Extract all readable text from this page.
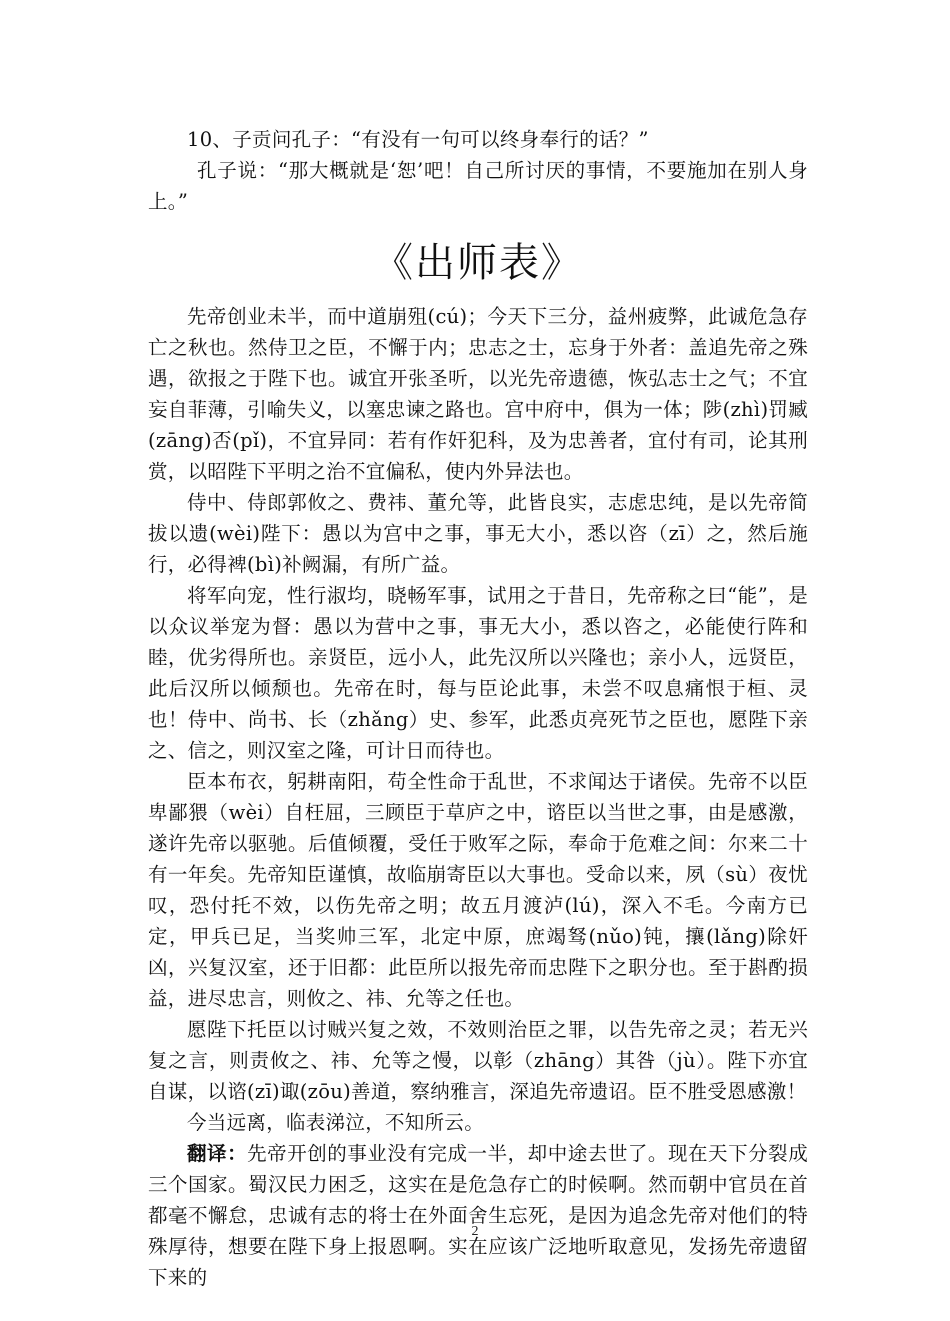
10、子贡问孔子：“有没有一句可以终身奉行的话？”

孔子说：“那大概就是‘恕’吧！自己所讨厌的事情，不要施加在别人身上。”

《出师表》

先帝创业未半，而中道崩殂(cú)；今天下三分，益州疲弊，此诚危急存亡之秋也。然侍卫之臣，不懈于内；忠志之士，忘身于外者：盖追先帝之殊遇，欲报之于陛下也。诚宜开张圣听，以光先帝遗德，恢弘志士之气；不宜妄自菲薄，引喻失义，以塞忠谏之路也。宫中府中，俱为一体；陟(zhì)罚臧(zāng)否(pǐ)，不宜异同：若有作奸犯科，及为忠善者，宜付有司，论其刑赏，以昭陛下平明之治不宜偏私，使内外异法也。

侍中、侍郎郭攸之、费祎、董允等，此皆良实，志虑忠纯，是以先帝简拔以遗(wèi)陛下：愚以为宫中之事，事无大小，悉以咨（zī）之，然后施行，必得裨(bì)补阙漏，有所广益。

将军向宠，性行淑均，晓畅军事，试用之于昔日，先帝称之曰“能”，是以众议举宠为督：愚以为营中之事，事无大小，悉以咨之，必能使行阵和睦，优劣得所也。亲贤臣，远小人，此先汉所以兴隆也；亲小人，远贤臣，此后汉所以倾颓也。先帝在时，每与臣论此事，未尝不叹息痛恨于桓、灵也！侍中、尚书、长（zhǎng）史、参军，此悉贞亮死节之臣也，愿陛下亲之、信之，则汉室之隆，可计日而待也。

臣本布衣，躬耕南阳，苟全性命于乱世，不求闻达于诸侯。先帝不以臣卑鄙猥（wèi）自枉屈，三顾臣于草庐之中，谘臣以当世之事，由是感激，遂许先帝以驱驰。后值倾覆，受任于败军之际，奉命于危难之间：尔来二十有一年矣。先帝知臣谨慎，故临崩寄臣以大事也。受命以来，夙（sù）夜忧叹，恐付托不效，以伤先帝之明；故五月渡泸(lú)，深入不毛。今南方已定，甲兵已足，当奖帅三军，北定中原，庶竭驽(nǔo)钝，攘(lǎng)除奸凶，兴复汉室，还于旧都：此臣所以报先帝而忠陛下之职分也。至于斟酌损益，进尽忠言，则攸之、祎、允等之任也。

愿陛下托臣以讨贼兴复之效，不效则治臣之罪，以告先帝之灵；若无兴复之言，则责攸之、祎、允等之慢，以彰（zhāng）其咎（jù）。陛下亦宜自谋，以谘(zī)诹(zōu)善道，察纳雅言，深追先帝遗诏。臣不胜受恩感激！

今当远离，临表涕泣，不知所云。

翻译：先帝开创的事业没有完成一半，却中途去世了。现在天下分裂成三个国家。蜀汉民力困乏，这实在是危急存亡的时候啊。然而朝中官员在首都毫不懈怠，忠诚有志的将士在外面舍生忘死，是因为追念先帝对他们的特殊厚待，想要在陛下身上报恩啊。实在应该广泛地听取意见，发扬先帝遗留下来的

2
